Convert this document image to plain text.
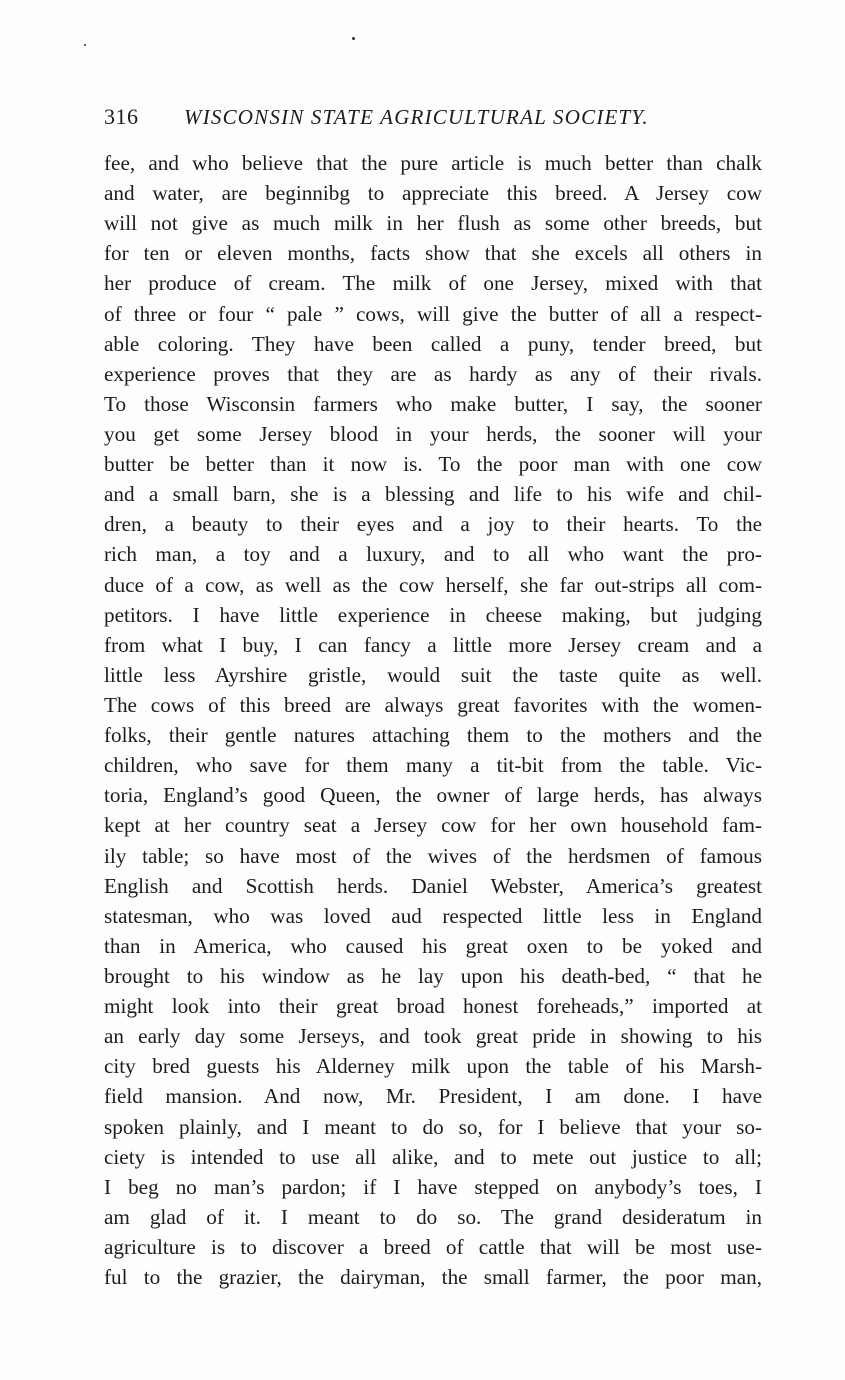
316 WISCONSIN STATE AGRICULTURAL SOCIETY.
fee, and who believe that the pure article is much better than chalk
and water, are beginnibg to appreciate this breed. A Jersey cow
will not give as much milk in her flush as some other breeds, but
for ten or eleven months, facts show that she excels all others in
her produce of cream. The milk of one Jersey, mixed with that
of three or four “ pale ” cows, will give the butter of all a respect-
able coloring. They have been called a puny, tender breed, but
experience proves that they are as hardy as any of their rivals.
To those Wisconsin farmers who make butter, I say, the sooner
you get some Jersey blood in your herds, the sooner will your
butter be better than it now is. To the poor man with one cow
and a small barn, she is a blessing and life to his wife and chil-
dren, a beauty to their eyes and a joy to their hearts. To the
rich man, a toy and a luxury, and to all who want the pro-
duce of a cow, as well as the cow herself, she far out-strips all com-
petitors. I have little experience in cheese making, but judging
from what I buy, I can fancy a little more Jersey cream and a
little less Ayrshire gristle, would suit the taste quite as well.
The cows of this breed are always great favorites with the women-
folks, their gentle natures attaching them to the mothers and the
children, who save for them many a tit-bit from the table. Vic-
toria, England’s good Queen, the owner of large herds, has always
kept at her country seat a Jersey cow for her own household fam-
ily table; so have most of the wives of the herdsmen of famous
English and Scottish herds. Daniel Webster, America’s greatest
statesman, who was loved aud respected little less in England
than in America, who caused his great oxen to be yoked and
brought to his window as he lay upon his death-bed, “ that he
might look into their great broad honest foreheads,” imported at
an early day some Jerseys, and took great pride in showing to his
city bred guests his Alderney milk upon the table of his Marsh-
field mansion. And now, Mr. President, I am done. I have
spoken plainly, and I meant to do so, for I believe that your so-
ciety is intended to use all alike, and to mete out justice to all;
I beg no man’s pardon; if I have stepped on anybody’s toes, I
am glad of it. I meant to do so. The grand desideratum in
agriculture is to discover a breed of cattle that will be most use-
ful to the grazier, the dairyman, the small farmer, the poor man,
